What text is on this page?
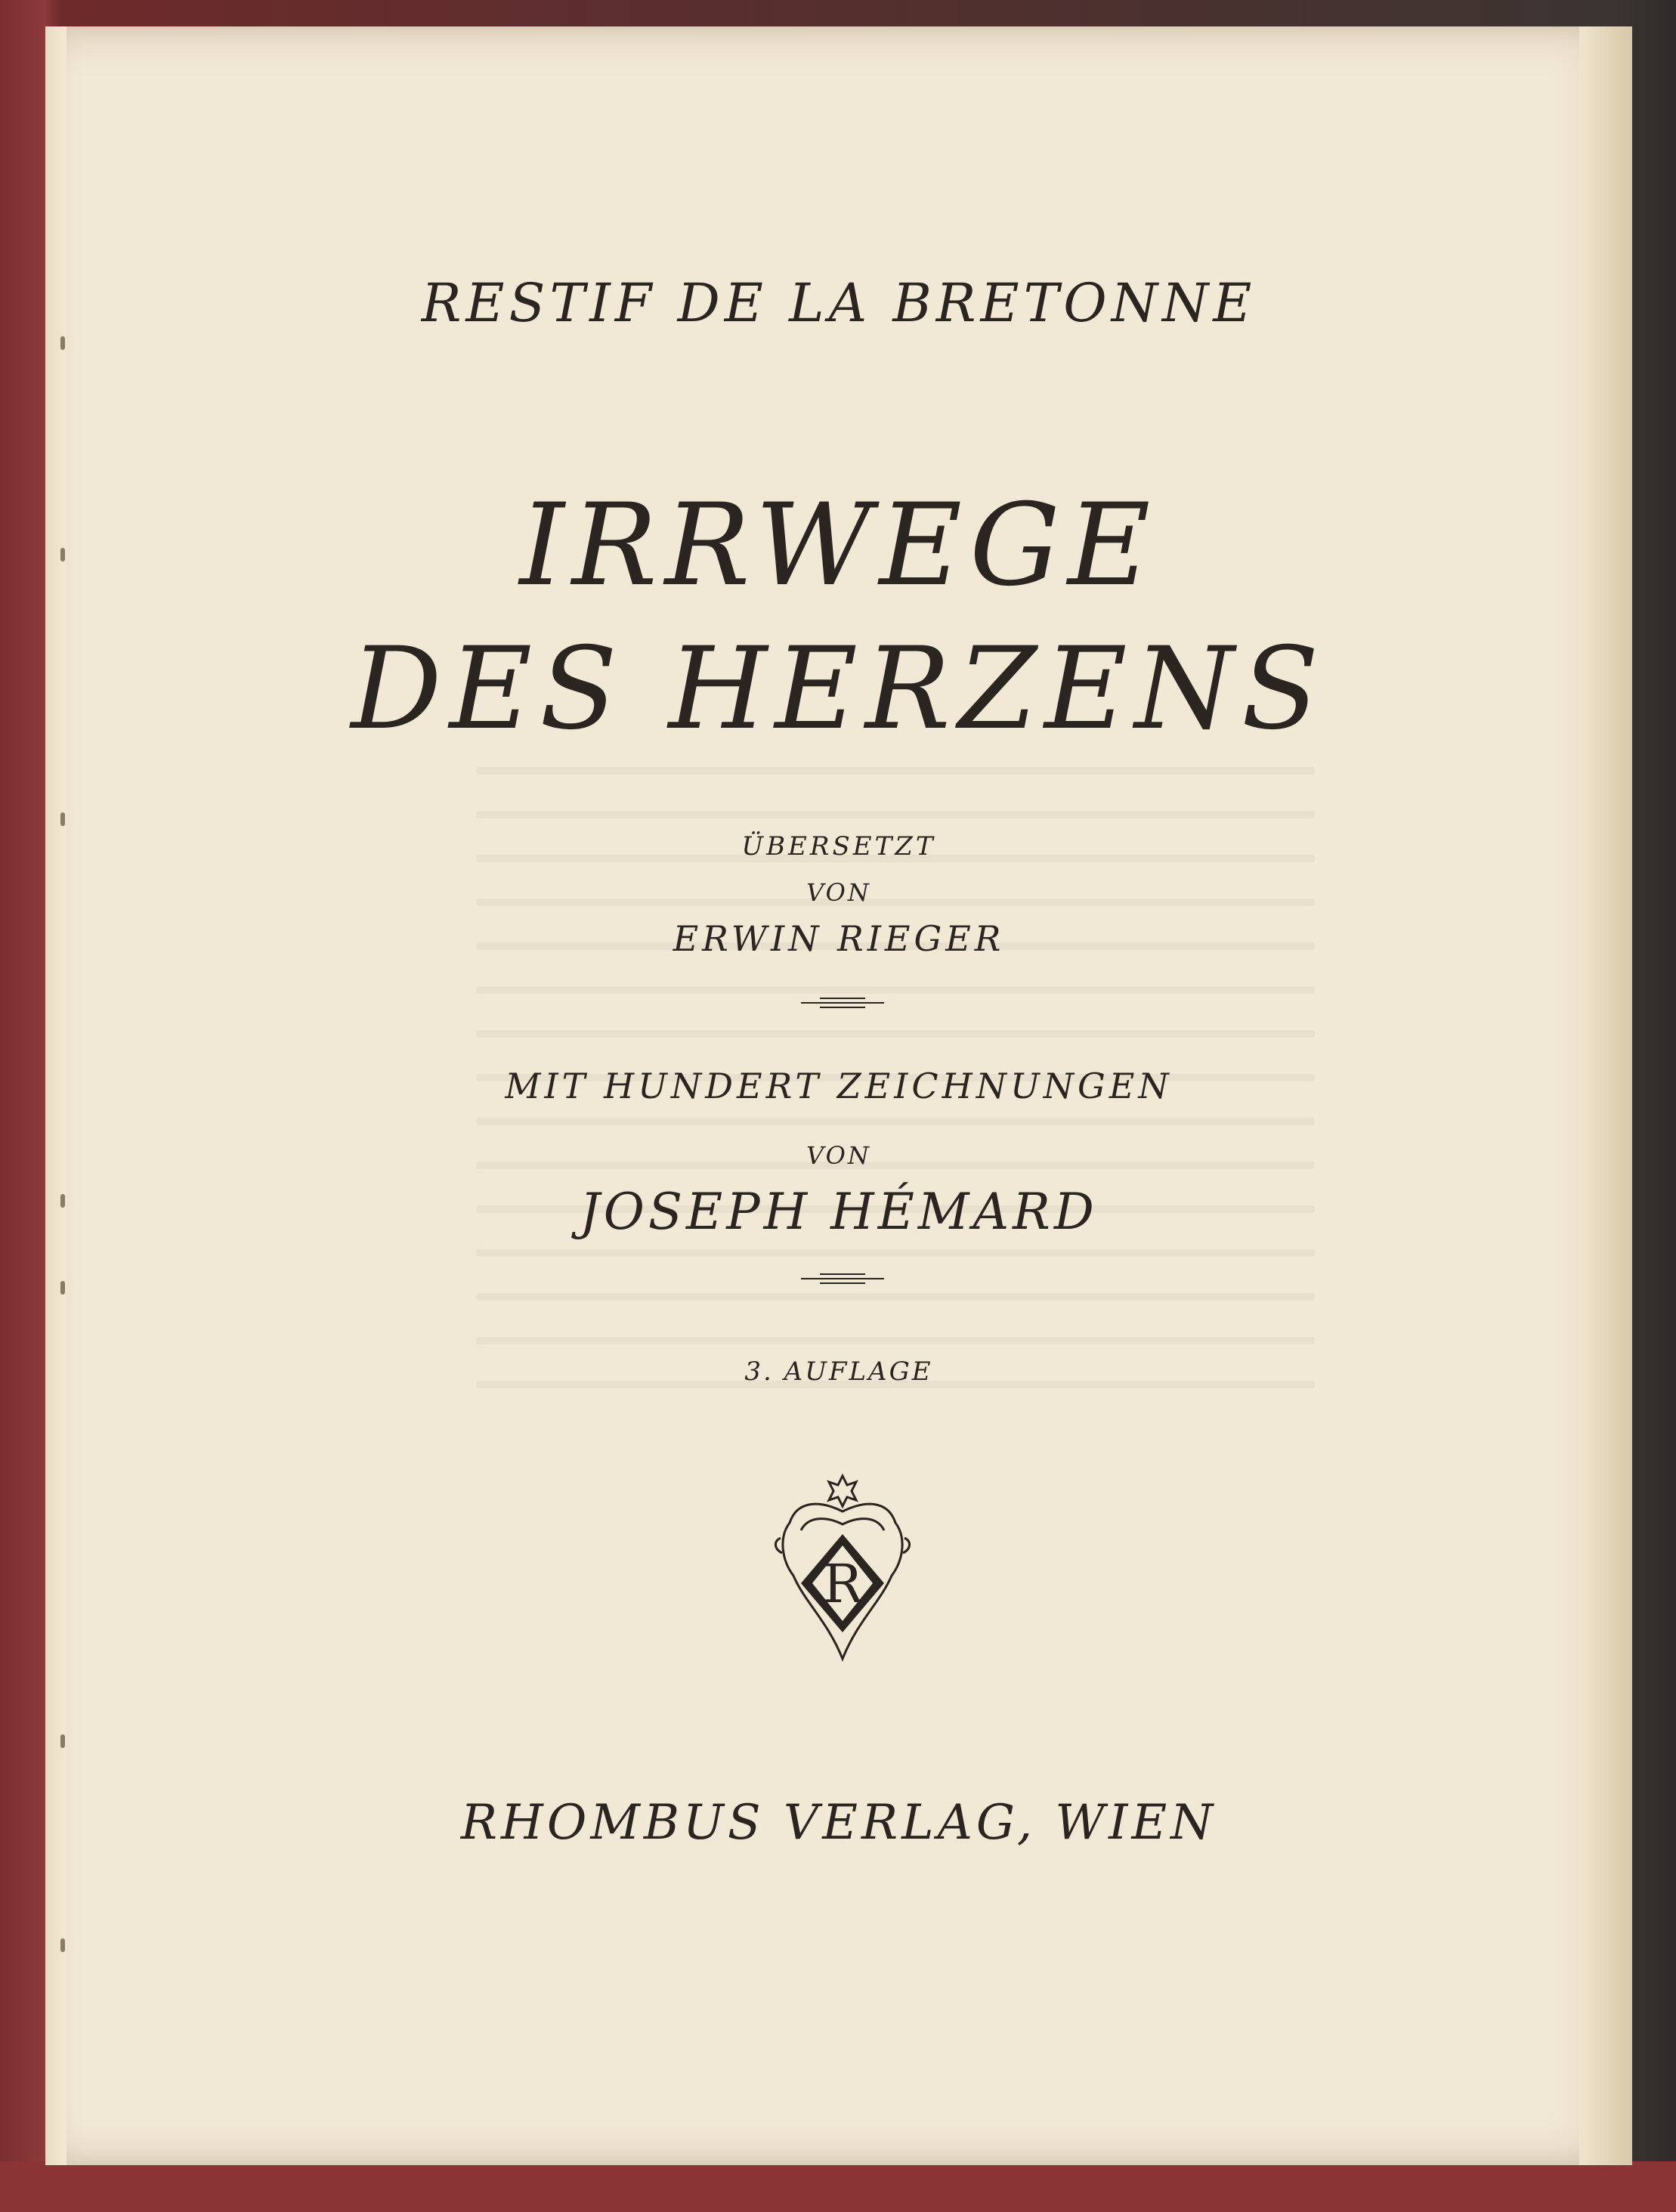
RESTIF DE LA BRETONNE
IRRWEGE
DES HERZENS
ÜBERSETZT
VON
ERWIN RIEGER
MIT HUNDERT ZEICHNUNGEN
VON
JOSEPH HÉMARD
3. AUFLAGE
R
RHOMBUS VERLAG, WIEN
